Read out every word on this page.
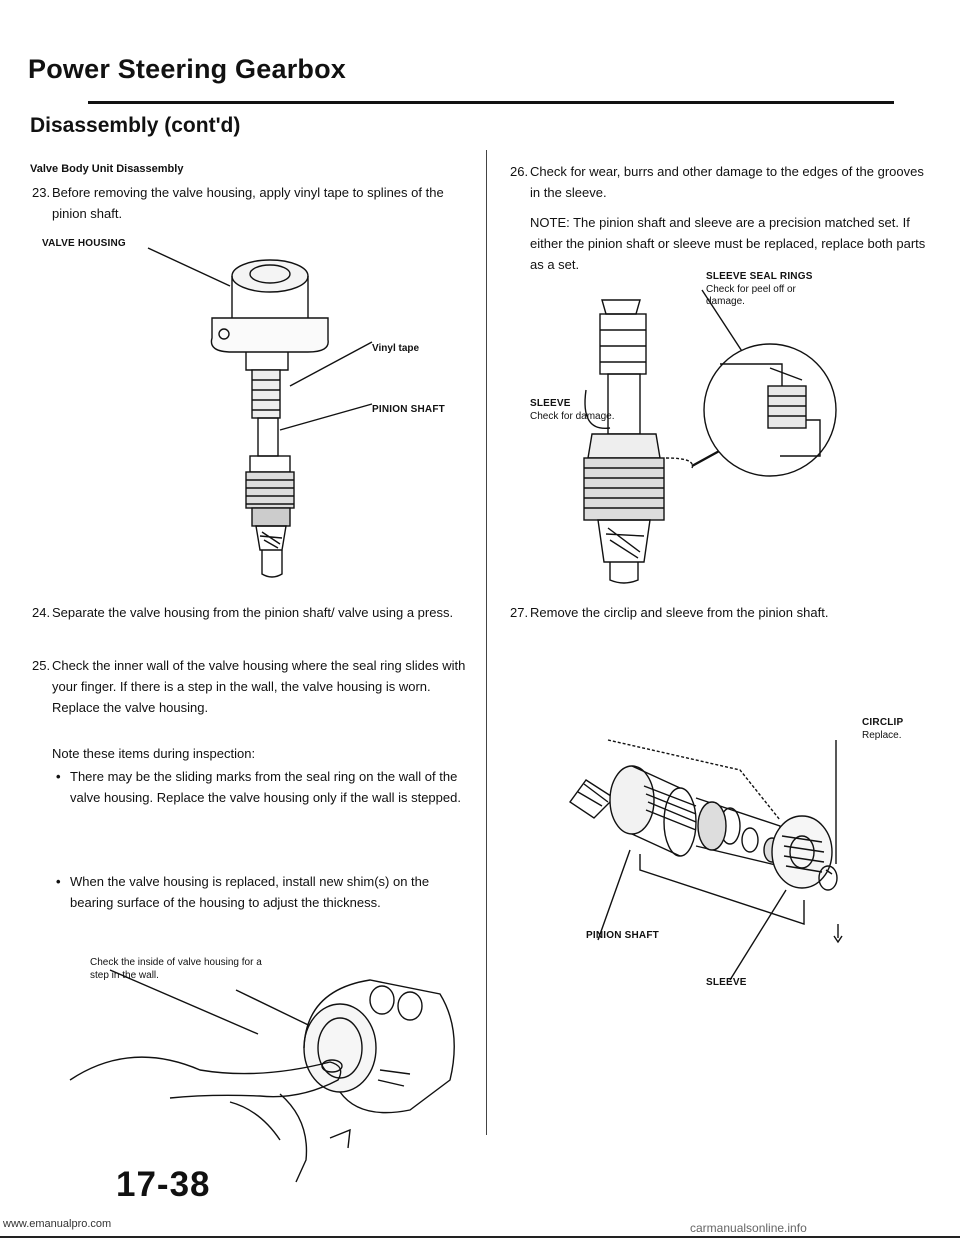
Power Steering Gearbox
Disassembly (cont'd)
Valve Body Unit Disassembly
23. Before removing the valve housing, apply vinyl tape to splines of the pinion shaft.
VALVE HOUSING
Vinyl tape
PINION SHAFT
24. Separate the valve housing from the pinion shaft/ valve using a press.
25. Check the inner wall of the valve housing where the seal ring slides with your finger. If there is a step in the wall, the valve housing is worn. Replace the valve housing.
Note these items during inspection:
• There may be the sliding marks from the seal ring on the wall of the valve housing. Replace the valve housing only if the wall is stepped.
• When the valve housing is replaced, install new shim(s) on the bearing surface of the housing to adjust the thickness.
Check the inside of valve housing for a step in the wall.
26. Check for wear, burrs and other damage to the edges of the grooves in the sleeve.
NOTE: The pinion shaft and sleeve are a precision matched set. If either the pinion shaft or sleeve must be replaced, replace both parts as a set.
SLEEVE SEAL RINGS
Check for peel off or damage.
SLEEVE
Check for damage.
27. Remove the circlip and sleeve from the pinion shaft.
CIRCLIP
Replace.
PINION SHAFT
SLEEVE
17-38
www.emanualpro.com	carmanualsonline.info
